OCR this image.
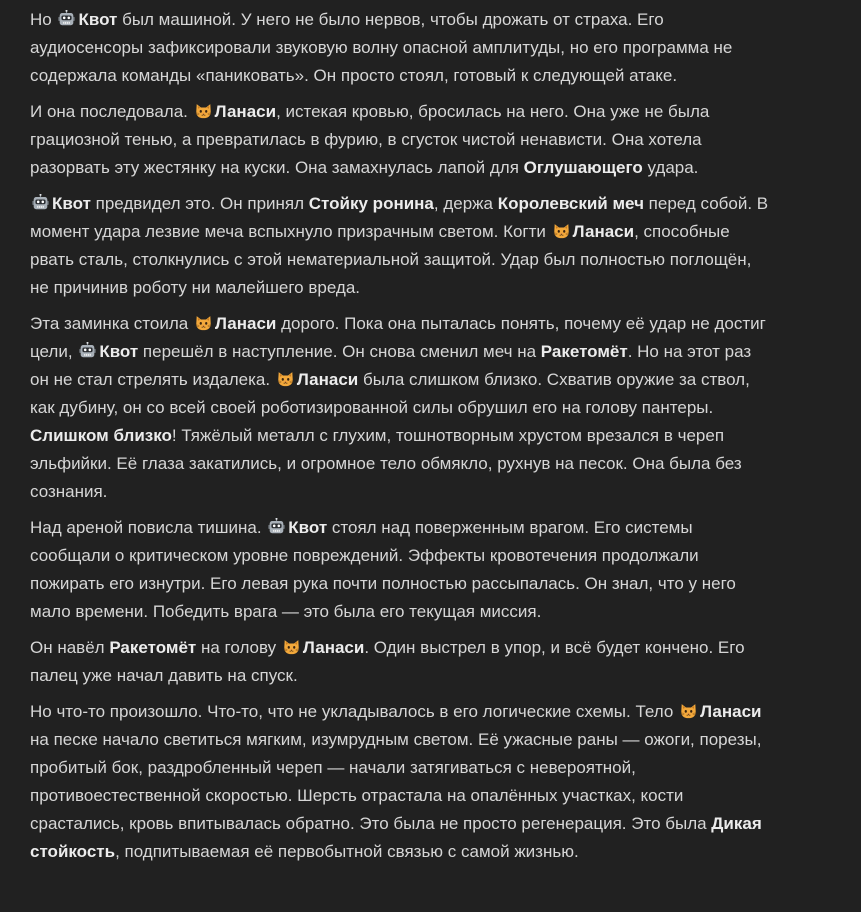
Но
Квот был машиной. У него не было нервов, чтобы дрожать от страха. Его аудиосенсоры зафиксировали звуковую волну опасной амплитуды, но его программа не содержала команды «паниковать». Он просто стоял, готовый к следующей атаке.

И она последовала.
Ланаси, истекая кровью, бросилась на него. Она уже не была грациозной тенью, а превратилась в фурию, в сгусток чистой ненависти. Она хотела разорвать эту жестянку на куски. Она замахнулась лапой для Оглушающего удара.

Квот предвидел это. Он принял Стойку ронина, держа Королевский меч перед собой. В момент удара лезвие меча вспыхнуло призрачным светом. Когти
Ланаси, способные рвать сталь, столкнулись с этой нематериальной защитой. Удар был полностью поглощён, не причинив роботу ни малейшего вреда.

Эта заминка стоила
Ланаси дорого. Пока она пыталась понять, почему её удар не достиг цели,
Квот перешёл в наступление. Он снова сменил меч на Ракетомёт. Но на этот раз он не стал стрелять издалека.
Ланаси была слишком близко. Схватив оружие за ствол, как дубину, он со всей своей роботизированной силы обрушил его на голову пантеры. Слишком близко! Тяжёлый металл с глухим, тошнотворным хрустом врезался в череп эльфийки. Её глаза закатились, и огромное тело обмякло, рухнув на песок. Она была без сознания.

Над ареной повисла тишина.
Квот стоял над поверженным врагом. Его системы сообщали о критическом уровне повреждений. Эффекты кровотечения продолжали пожирать его изнутри. Его левая рука почти полностью рассыпалась. Он знал, что у него мало времени. Победить врага — это была его текущая миссия.

Он навёл Ракетомёт на голову
Ланаси. Один выстрел в упор, и всё будет кончено. Его палец уже начал давить на спуск.

Но что-то произошло. Что-то, что не укладывалось в его логические схемы. Тело
Ланаси на песке начало светиться мягким, изумрудным светом. Её ужасные раны — ожоги, порезы, пробитый бок, раздробленный череп — начали затягиваться с невероятной, противоестественной скоростью. Шерсть отрастала на опалённых участках, кости срастались, кровь впитывалась обратно. Это была не просто регенерация. Это была Дикая стойкость, подпитываемая её первобытной связью с самой жизнью.
